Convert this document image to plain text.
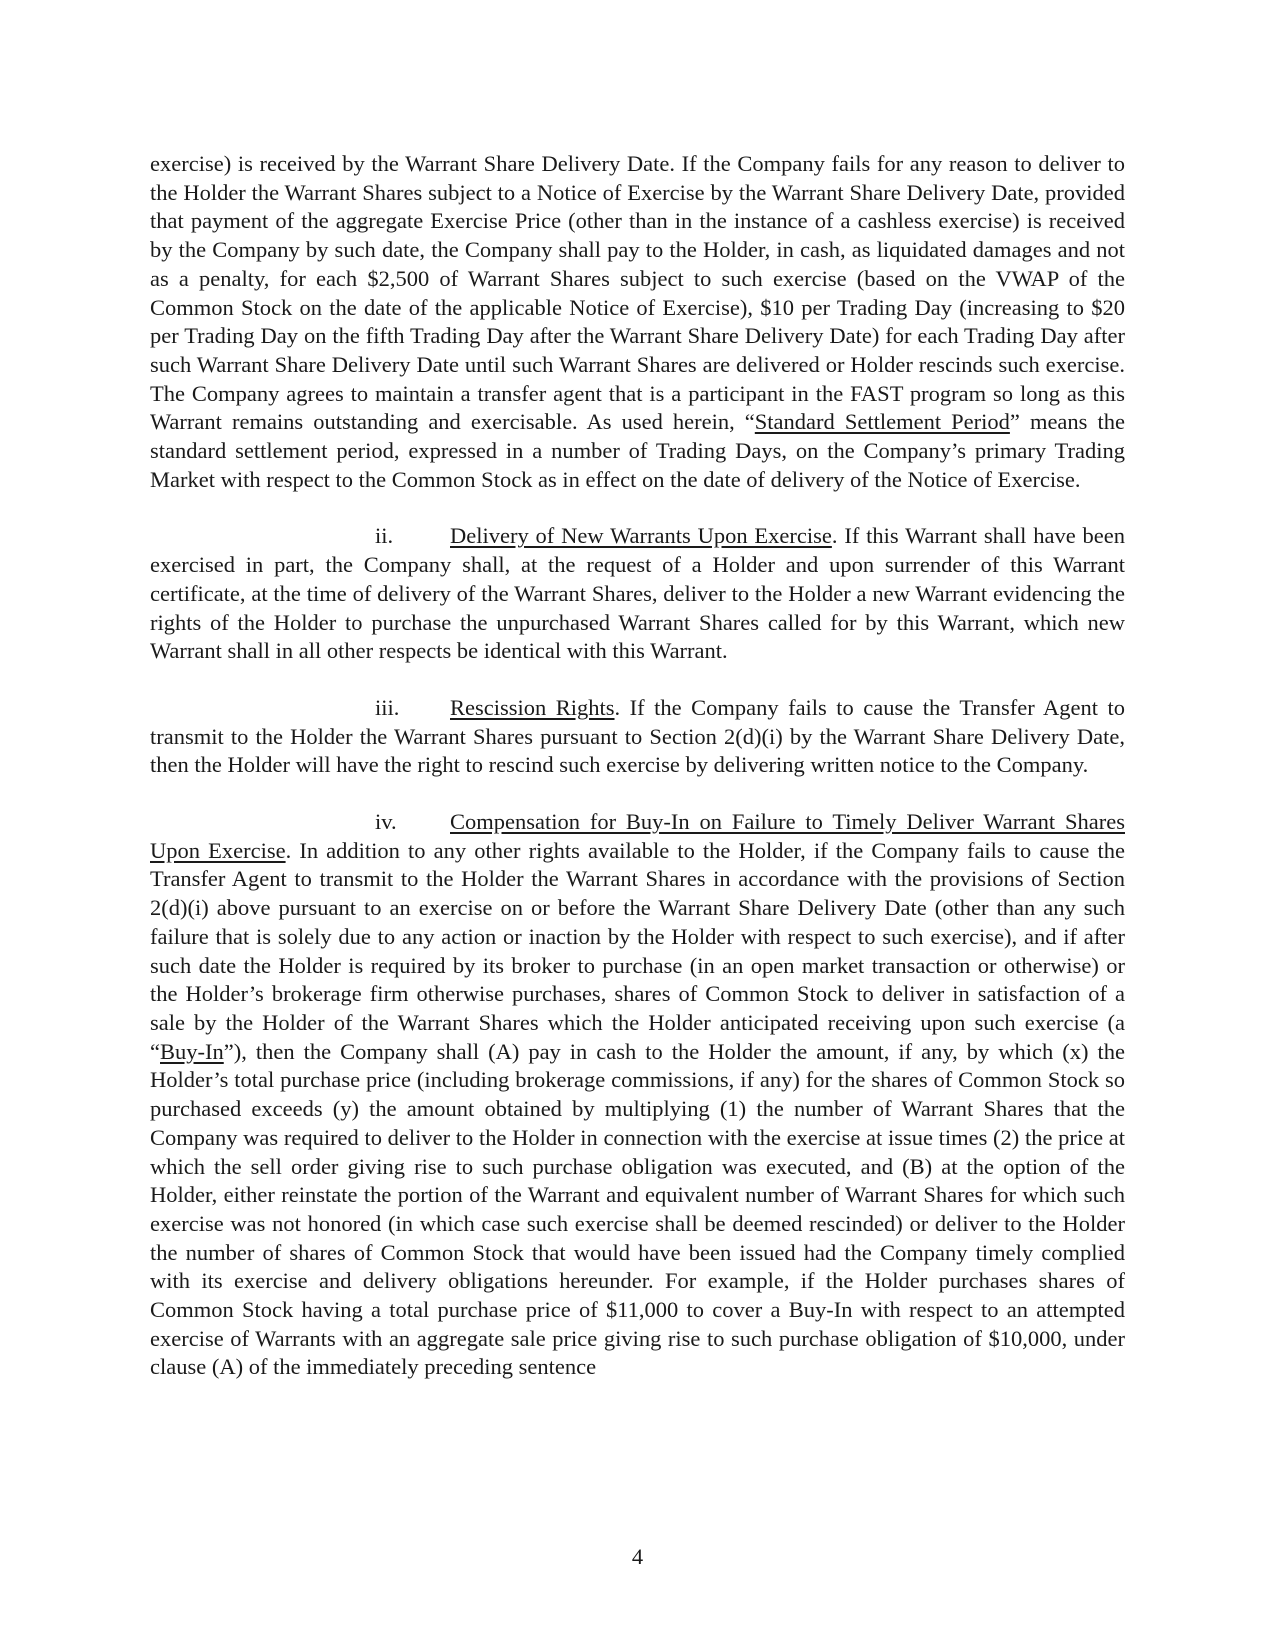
exercise) is received by the Warrant Share Delivery Date. If the Company fails for any reason to deliver to the Holder the Warrant Shares subject to a Notice of Exercise by the Warrant Share Delivery Date, provided that payment of the aggregate Exercise Price (other than in the instance of a cashless exercise) is received by the Company by such date, the Company shall pay to the Holder, in cash, as liquidated damages and not as a penalty, for each $2,500 of Warrant Shares subject to such exercise (based on the VWAP of the Common Stock on the date of the applicable Notice of Exercise), $10 per Trading Day (increasing to $20 per Trading Day on the fifth Trading Day after the Warrant Share Delivery Date) for each Trading Day after such Warrant Share Delivery Date until such Warrant Shares are delivered or Holder rescinds such exercise. The Company agrees to maintain a transfer agent that is a participant in the FAST program so long as this Warrant remains outstanding and exercisable. As used herein, “Standard Settlement Period” means the standard settlement period, expressed in a number of Trading Days, on the Company’s primary Trading Market with respect to the Common Stock as in effect on the date of delivery of the Notice of Exercise.

ii.	Delivery of New Warrants Upon Exercise. If this Warrant shall have been exercised in part, the Company shall, at the request of a Holder and upon surrender of this Warrant certificate, at the time of delivery of the Warrant Shares, deliver to the Holder a new Warrant evidencing the rights of the Holder to purchase the unpurchased Warrant Shares called for by this Warrant, which new Warrant shall in all other respects be identical with this Warrant.

iii. Rescission Rights. If the Company fails to cause the Transfer Agent to transmit to the Holder the Warrant Shares pursuant to Section 2(d)(i) by the Warrant Share Delivery Date, then the Holder will have the right to rescind such exercise by delivering written notice to the Company.

iv. Compensation for Buy-In on Failure to Timely Deliver Warrant Shares Upon Exercise. In addition to any other rights available to the Holder, if the Company fails to cause the Transfer Agent to transmit to the Holder the Warrant Shares in accordance with the provisions of Section 2(d)(i) above pursuant to an exercise on or before the Warrant Share Delivery Date (other than any such failure that is solely due to any action or inaction by the Holder with respect to such exercise), and if after such date the Holder is required by its broker to purchase (in an open market transaction or otherwise) or the Holder’s brokerage firm otherwise purchases, shares of Common Stock to deliver in satisfaction of a sale by the Holder of the Warrant Shares which the Holder anticipated receiving upon such exercise (a “Buy-In”), then the Company shall (A) pay in cash to the Holder the amount, if any, by which (x) the Holder’s total purchase price (including brokerage commissions, if any) for the shares of Common Stock so purchased exceeds (y) the amount obtained by multiplying (1) the number of Warrant Shares that the Company was required to deliver to the Holder in connection with the exercise at issue times (2) the price at which the sell order giving rise to such purchase obligation was executed, and (B) at the option of the Holder, either reinstate the portion of the Warrant and equivalent number of Warrant Shares for which such exercise was not honored (in which case such exercise shall be deemed rescinded) or deliver to the Holder the number of shares of Common Stock that would have been issued had the Company timely complied with its exercise and delivery obligations hereunder. For example, if the Holder purchases shares of Common Stock having a total purchase price of $11,000 to cover a Buy-In with respect to an attempted exercise of Warrants with an aggregate sale price giving rise to such purchase obligation of $10,000, under clause (A) of the immediately preceding sentence

4
